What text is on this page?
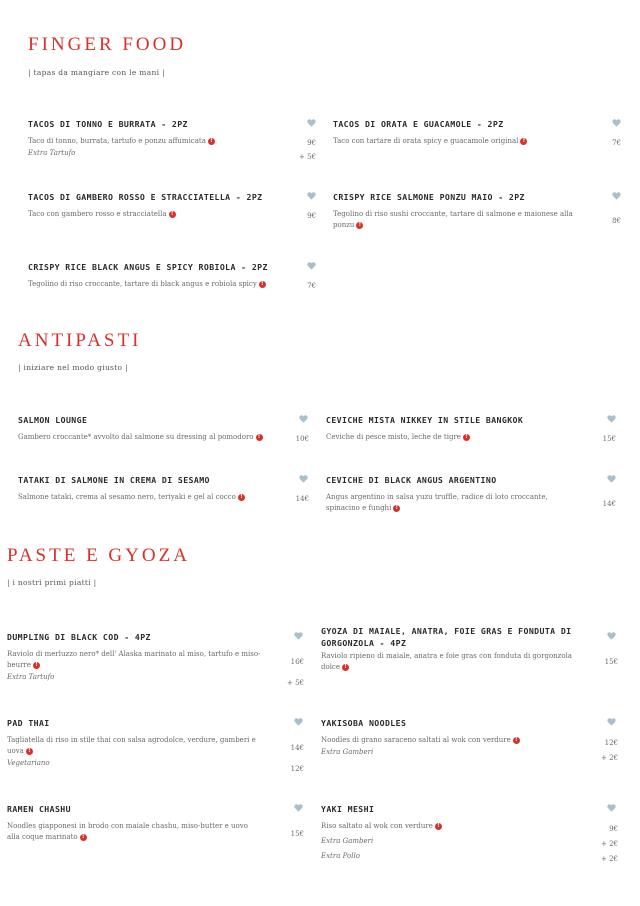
FINGER FOOD
| tapas da mangiare con le mani |
TACOS DI TONNO E BURRATA - 2PZ
Taco di tonno, burrata, tartufo e ponzu affumicata !
Extra Tartufo
9€
+ 5€
TACOS DI ORATA E GUACAMOLE - 2PZ
Taco con tartare di orata spicy e guacamole original !	7€
TACOS DI GAMBERO ROSSO E STRACCIATELLA - 2PZ
Taco con gambero rosso e stracciatella !	9€
CRISPY RICE SALMONE PONZU MAIO - 2PZ
Tegolino di riso sushi croccante, tartare di salmone e maionese alla ponzu !	8€
CRISPY RICE BLACK ANGUS E SPICY ROBIOLA - 2PZ
Tegolino di riso croccante, tartare di black angus e robiola spicy !	7€
ANTIPASTI
| iniziare nel modo giusto |
SALMON LOUNGE
Gambero croccante* avvolto dal salmone su dressing al pomodoro !	10€
CEVICHE MISTA NIKKEY IN STILE BANGKOK
Ceviche di pesce misto, leche de tigre !	15€
TATAKI DI SALMONE IN CREMA DI SESAMO
Salmone tataki, crema al sesamo nero, teriyaki e gel al cocco !	14€
CEVICHE DI BLACK ANGUS ARGENTINO
Angus argentino in salsa yuzu truffle, radice di loto croccante, spinacino e funghi !	14€
PASTE E GYOZA
| i nostri primi piatti |
DUMPLING DI BLACK COD - 4PZ
Raviolo di merluzzo nero* dell' Alaska marinato al miso, tartufo e miso-beurre !
Extra Tartufo
16€
+ 5€
GYOZA DI MAIALE, ANATRA, FOIE GRAS E FONDUTA DI GORGONZOLA - 4PZ
Raviolo ripieno di maiale, anatra e foie gras con fonduta di gorgonzola dolce !
15€
PAD THAI
Tagliatella di riso in stile thai con salsa agrodolce, verdure, gamberi e uova !
Vegetariano
14€
12€
YAKISOBA NOODLES
Noodles di grano saraceno saltati al wok con verdure !
Extra Gamberi
12€
+ 2€
RAMEN CHASHU
Noodles giapponesi in brodo con maiale chashu, miso-butter e uovo alla coque marinato !	15€
YAKI MESHI
Riso saltato al wok con verdure !
Extra Gamberi
Extra Pollo
9€
+ 2€
+ 2€
